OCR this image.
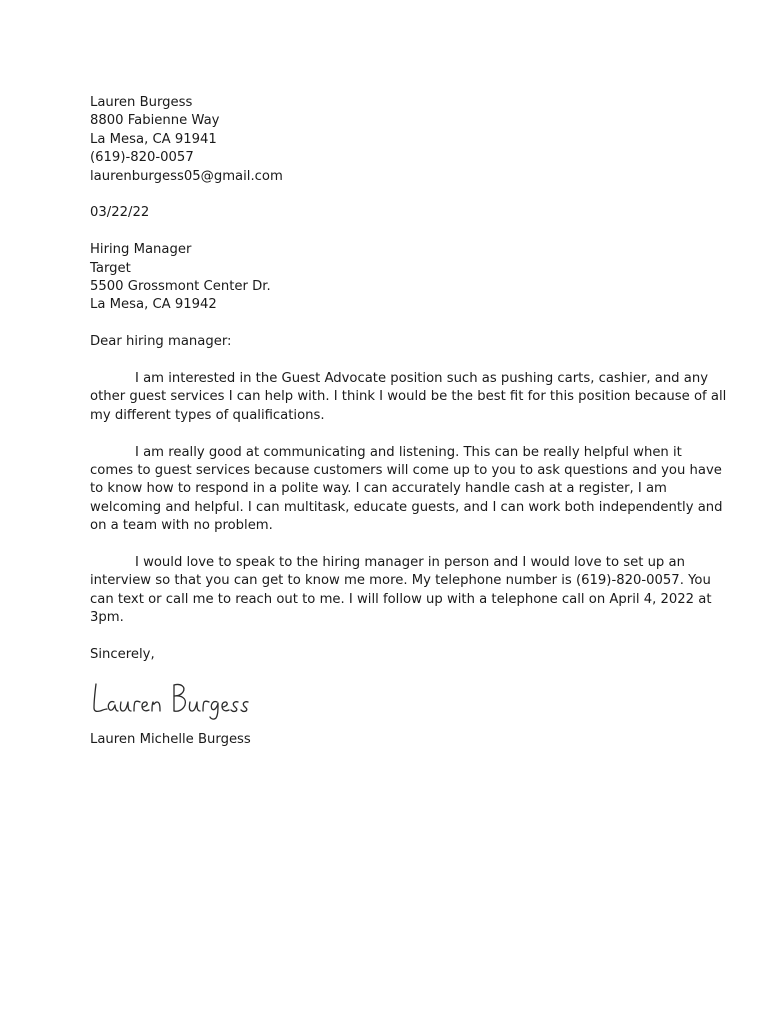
Lauren Burgess
8800 Fabienne Way
La Mesa, CA 91941
(619)-820-0057
laurenburgess05@gmail.com
03/22/22
Hiring Manager
Target
5500 Grossmont Center Dr.
La Mesa, CA 91942
Dear hiring manager:
I am interested in the Guest Advocate position such as pushing carts, cashier, and any
other guest services I can help with. I think I would be the best fit for this position because of all
my different types of qualifications.
I am really good at communicating and listening. This can be really helpful when it
comes to guest services because customers will come up to you to ask questions and you have
to know how to respond in a polite way. I can accurately handle cash at a register, I am
welcoming and helpful. I can multitask, educate guests, and I can work both independently and
on a team with no problem.
I would love to speak to the hiring manager in person and I would love to set up an
interview so that you can get to know me more. My telephone number is (619)-820-0057. You
can text or call me to reach out to me. I will follow up with a telephone call on April 4, 2022 at
3pm.
Sincerely,
Lauren Michelle Burgess
